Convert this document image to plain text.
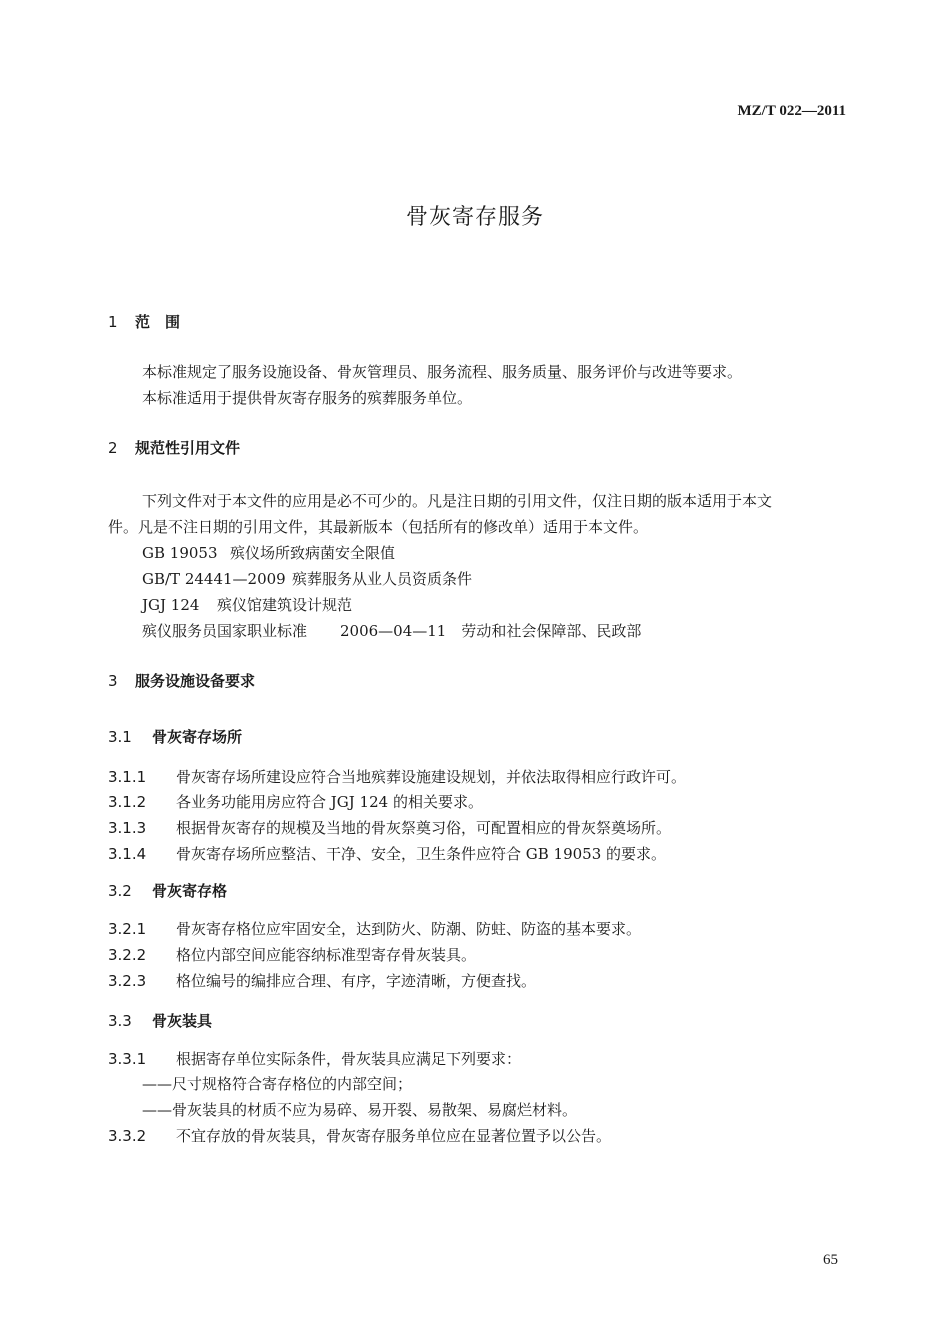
MZ/T 022—2011
骨灰寄存服务
1 范　围
本标准规定了服务设施设备、骨灰管理员、服务流程、服务质量、服务评价与改进等要求。
本标准适用于提供骨灰寄存服务的殡葬服务单位。
2 规范性引用文件
下列文件对于本文件的应用是必不可少的。凡是注日期的引用文件，仅注日期的版本适用于本文
件。凡是不注日期的引用文件，其最新版本（包括所有的修改单）适用于本文件。
GB 19053 殡仪场所致病菌安全限值
GB/T 24441—2009 殡葬服务从业人员资质条件
JGJ 124 殡仪馆建筑设计规范
殡仪服务员国家职业标准 2006—04—11　劳动和社会保障部、民政部
3 服务设施设备要求
3.1 骨灰寄存场所
3.1.1 骨灰寄存场所建设应符合当地殡葬设施建设规划，并依法取得相应行政许可。
3.1.2 各业务功能用房应符合 JGJ 124 的相关要求。
3.1.3 根据骨灰寄存的规模及当地的骨灰祭奠习俗，可配置相应的骨灰祭奠场所。
3.1.4 骨灰寄存场所应整洁、干净、安全，卫生条件应符合 GB 19053 的要求。
3.2 骨灰寄存格
3.2.1 骨灰寄存格位应牢固安全，达到防火、防潮、防蛀、防盗的基本要求。
3.2.2 格位内部空间应能容纳标准型寄存骨灰装具。
3.2.3 格位编号的编排应合理、有序，字迹清晰，方便查找。
3.3 骨灰装具
3.3.1 根据寄存单位实际条件，骨灰装具应满足下列要求：
——尺寸规格符合寄存格位的内部空间；
——骨灰装具的材质不应为易碎、易开裂、易散架、易腐烂材料。
3.3.2 不宜存放的骨灰装具，骨灰寄存服务单位应在显著位置予以公告。
65
